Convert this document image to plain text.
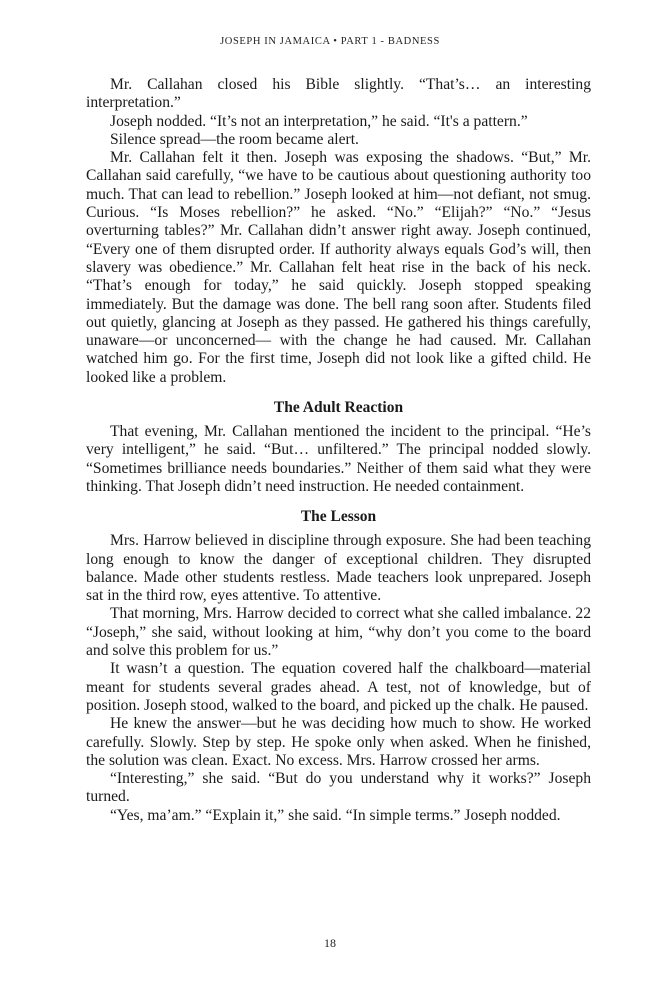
JOSEPH IN JAMAICA • PART 1 - BADNESS

Mr. Callahan closed his Bible slightly. “That’s… an interesting interpretation.”

Joseph nodded. “It’s not an interpretation,” he said. “It's a pattern.”

Silence spread—the room became alert.

Mr. Callahan felt it then. Joseph was exposing the shadows. “But,” Mr. Callahan said carefully, “we have to be cautious about questioning authority too much. That can lead to rebellion.” Joseph looked at him—not defiant, not smug. Curious. “Is Moses rebellion?” he asked. “No.” “Elijah?” “No.” “Jesus overturning tables?” Mr. Callahan didn’t answer right away. Joseph continued, “Every one of them disrupted order. If authority always equals God’s will, then slavery was obedience.” Mr. Callahan felt heat rise in the back of his neck. “That’s enough for today,” he said quickly. Joseph stopped speaking immediately. But the damage was done. The bell rang soon after. Students filed out quietly, glancing at Joseph as they passed. He gathered his things carefully, unaware—or unconcerned— with the change he had caused. Mr. Callahan watched him go. For the first time, Joseph did not look like a gifted child. He looked like a problem.

The Adult Reaction

That evening, Mr. Callahan mentioned the incident to the principal. “He’s very intelligent,” he said. “But… unfiltered.” The principal nodded slowly. “Sometimes brilliance needs boundaries.” Neither of them said what they were thinking. That Joseph didn’t need instruction. He needed containment.

The Lesson

Mrs. Harrow believed in discipline through exposure. She had been teaching long enough to know the danger of exceptional children. They disrupted balance. Made other students restless. Made teachers look unprepared. Joseph sat in the third row, eyes attentive. To attentive.

That morning, Mrs. Harrow decided to correct what she called imbalance. 22 “Joseph,” she said, without looking at him, “why don’t you come to the board and solve this problem for us.”

It wasn’t a question. The equation covered half the chalkboard—material meant for students several grades ahead. A test, not of knowledge, but of position. Joseph stood, walked to the board, and picked up the chalk. He paused.

He knew the answer—but he was deciding how much to show. He worked carefully. Slowly. Step by step. He spoke only when asked. When he finished, the solution was clean. Exact. No excess. Mrs. Harrow crossed her arms.

“Interesting,” she said. “But do you understand why it works?” Joseph turned.

“Yes, ma’am.” “Explain it,” she said. “In simple terms.” Joseph nodded.

18
